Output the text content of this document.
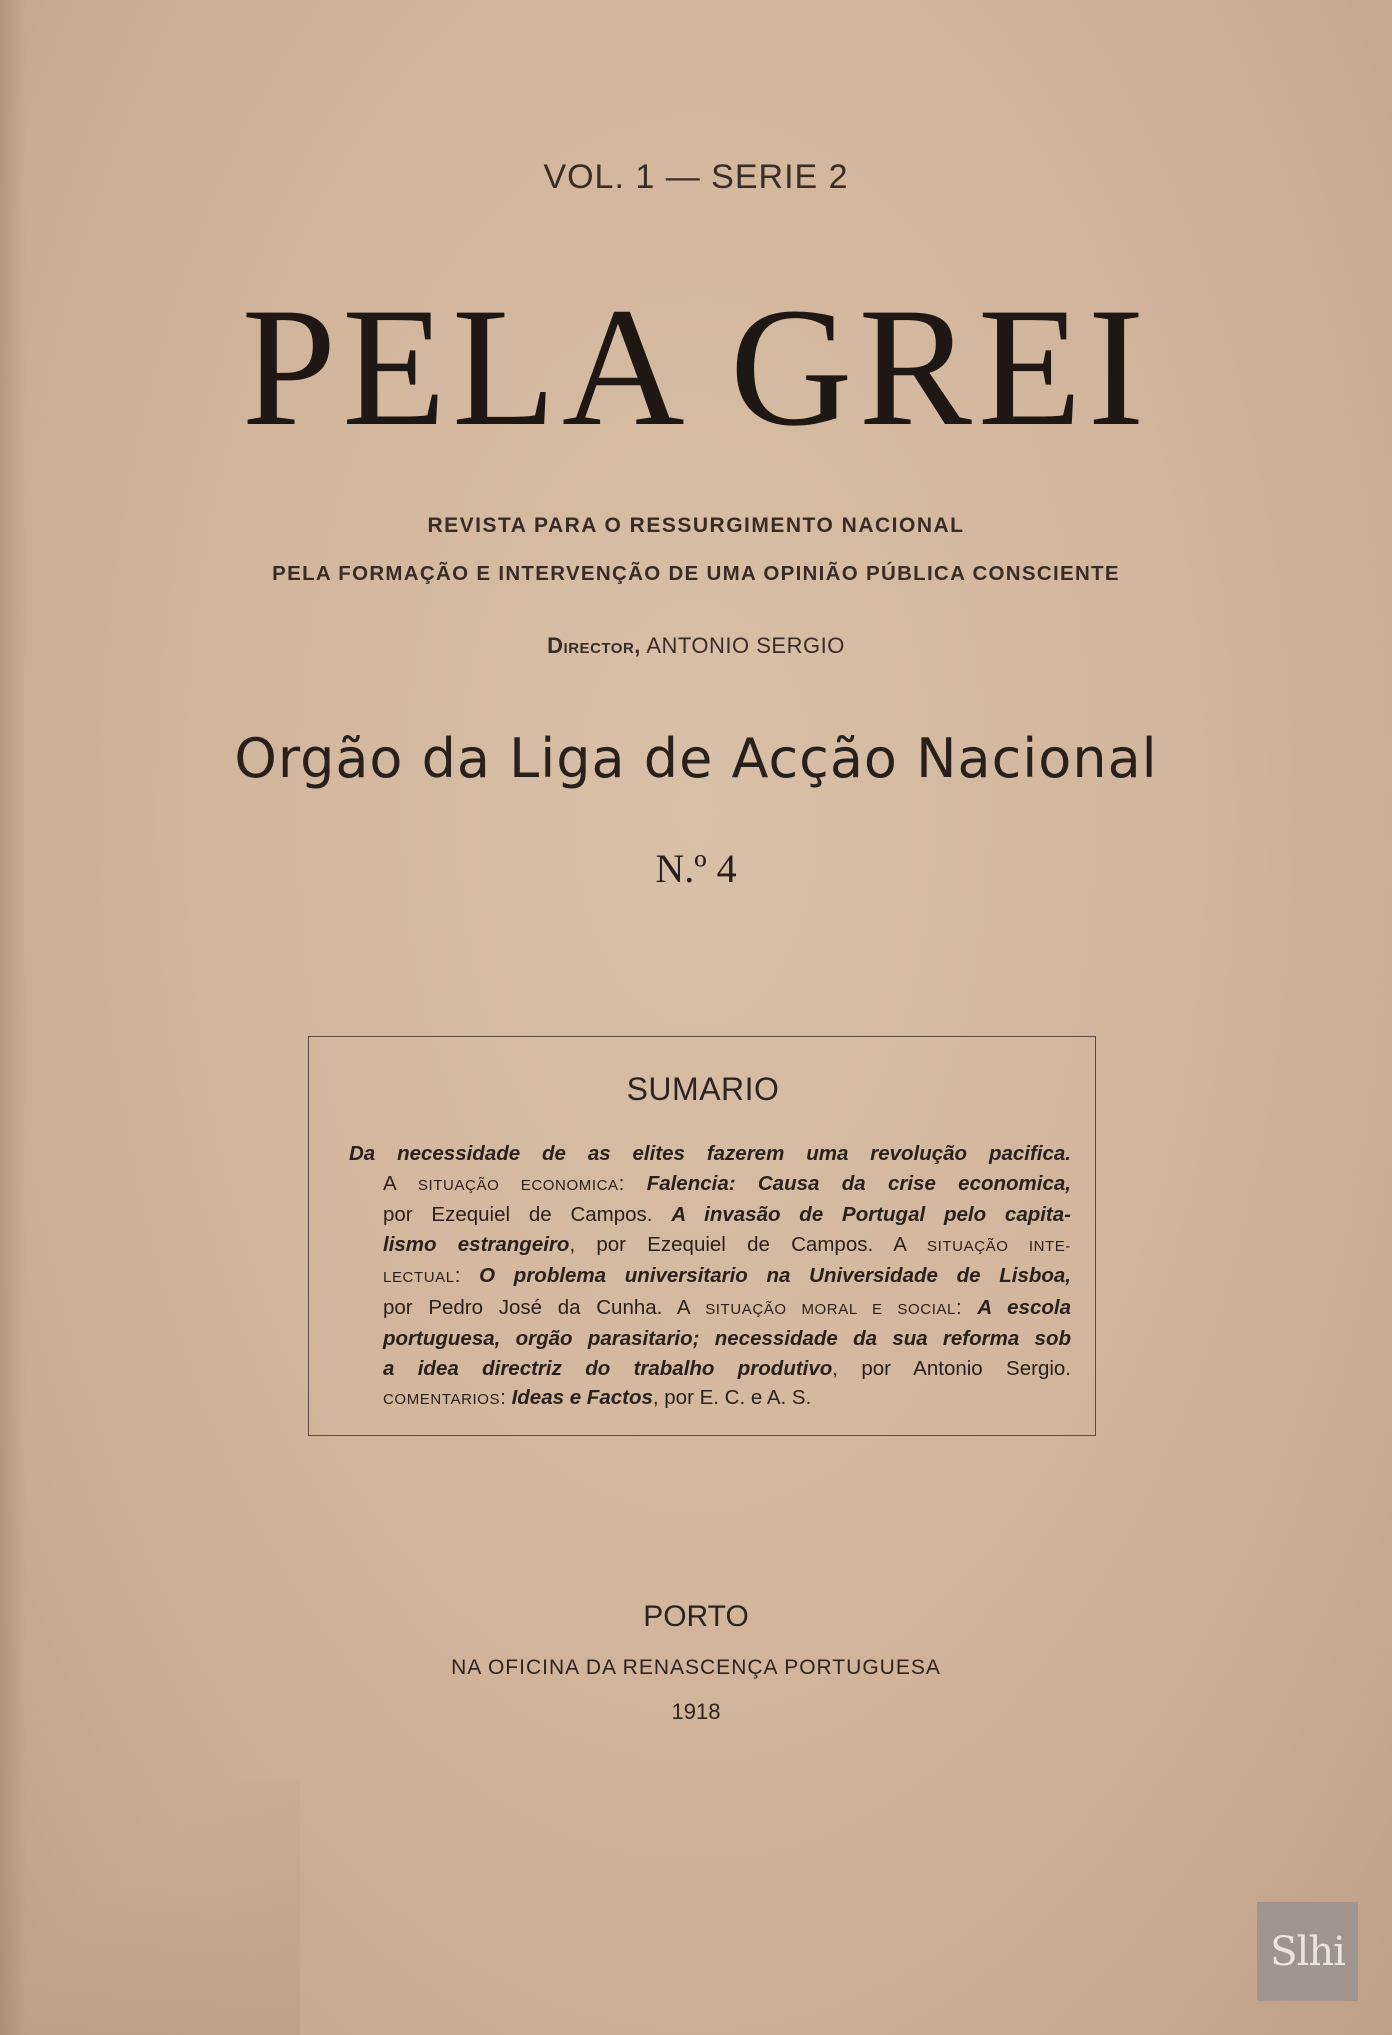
VOL. 1 — SERIE 2
PELA GREI
REVISTA PARA O RESSURGIMENTO NACIONAL
PELA FORMAÇÃO E INTERVENÇÃO DE UMA OPINIÃO PÚBLICA CONSCIENTE
Director, ANTONIO SERGIO
Orgão da Liga de Acção Nacional
N.º 4
SUMARIO
Da necessidade de as elites fazerem uma revolução pacifica.
A SITUAÇÃO ECONOMICA: Falencia: Causa da crise economica,
por Ezequiel de Campos. A invasão de Portugal pelo capita-
lismo estrangeiro, por Ezequiel de Campos. A SITUAÇÃO INTE-
LECTUAL: O problema universitario na Universidade de Lisboa,
por Pedro José da Cunha. A SITUAÇÃO MORAL E SOCIAL: A escola
portuguesa, orgão parasitario; necessidade da sua reforma sob
a idea directriz do trabalho produtivo, por Antonio Sergio.
COMENTARIOS: Ideas e Factos, por E. C. e A. S.
PORTO
NA OFICINA DA RENASCENÇA PORTUGUESA
1918
Slhi
